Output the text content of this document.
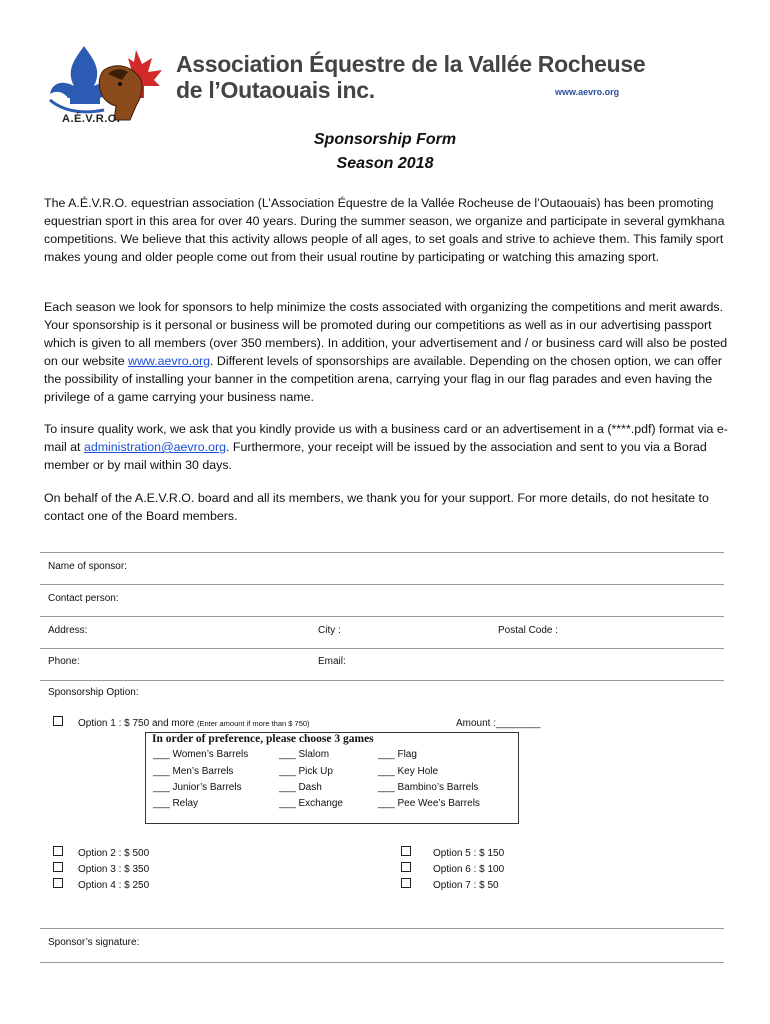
A.É.V.R.O.
Association Équestre de la Vallée Rocheuse
de l’Outaouais inc.	www.aevro.org
Sponsorship Form
Season 2018
The A.É.V.R.O. equestrian association (L’Association Équestre de la Vallée Rocheuse de l’Outaouais) has been promoting equestrian sport in this area for over 40 years. During the summer season, we organize and participate in several gymkhana competitions. We believe that this activity allows people of all ages, to set goals and strive to achieve them. This family sport makes young and older people come out from their usual routine by participating or watching this amazing sport.
Each season we look for sponsors to help minimize the costs associated with organizing the competitions and merit awards. Your sponsorship is it personal or business will be promoted during our competitions as well as in our advertising passport which is given to all members (over 350 members). In addition, your advertisement and / or business card will also be posted on our website www.aevro.org. Different levels of sponsorships are available. Depending on the chosen option, we can offer the possibility of installing your banner in the competition arena, carrying your flag in our flag parades and even having the privilege of a game carrying your business name.
To insure quality work, we ask that you kindly provide us with a business card or an advertisement in a (****.pdf) format via e-mail at administration@aevro.org. Furthermore, your receipt will be issued by the association and sent to you via a Borad member or by mail within 30 days.
On behalf of the A.E.V.R.O. board and all its members, we thank you for your support. For more details, do not hesitate to contact one of the Board members.
Name of sponsor:
Contact person:
Address:	City :	Postal Code :
Phone:	Email:
Sponsorship Option:
Option 1 : $ 750 and more (Enter amount if more than $ 750)	Amount :________
In order of preference, please choose 3 games
___ Women’s Barrels
___ Men’s Barrels
___ Junior’s Barrels
___ Relay
___ Slalom
___ Pick Up
___ Dash
___ Exchange
___ Flag
___ Key Hole
___ Bambino’s Barrels
___ Pee Wee’s Barrels
Option 2 : $ 500
Option 3 : $ 350
Option 4 : $ 250
Option 5 : $ 150
Option 6 : $ 100
Option 7 : $ 50
Sponsor’s signature:
